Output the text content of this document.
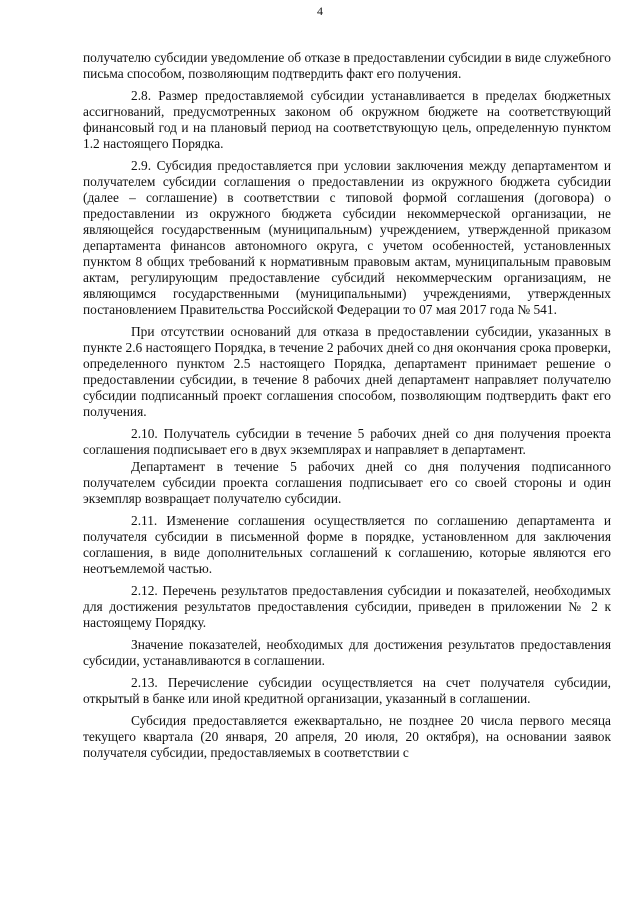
4

получателю субсидии уведомление об отказе в предоставлении субсидии в виде служебного письма способом, позволяющим подтвердить факт его получения.

2.8. Размер предоставляемой субсидии устанавливается в пределах бюджетных ассигнований, предусмотренных законом об окружном бюджете на соответствующий финансовый год и на плановый период на соответствующую цель, определенную пунктом 1.2 настоящего Порядка.

2.9. Субсидия предоставляется при условии заключения между департаментом и получателем субсидии соглашения о предоставлении из окружного бюджета субсидии (далее – соглашение) в соответствии с типовой формой соглашения (договора) о предоставлении из окружного бюджета субсидии некоммерческой организации, не являющейся государственным (муниципальным) учреждением, утвержденной приказом департамента финансов автономного округа, с учетом особенностей, установленных пунктом 8 общих требований к нормативным правовым актам, муниципальным правовым актам, регулирующим предоставление субсидий некоммерческим организациям, не являющимся государственными (муниципальными) учреждениями, утвержденных постановлением Правительства Российской Федерации то 07 мая 2017 года № 541.

При отсутствии оснований для отказа в предоставлении субсидии, указанных в пункте 2.6 настоящего Порядка, в течение 2 рабочих дней со дня окончания срока проверки, определенного пунктом 2.5 настоящего Порядка, департамент принимает решение о предоставлении субсидии, в течение 8 рабочих дней департамент направляет получателю субсидии подписанный проект соглашения способом, позволяющим подтвердить факт его получения.

2.10. Получатель субсидии в течение 5 рабочих дней со дня получения проекта соглашения подписывает его в двух экземплярах и направляет в департамент.

Департамент в течение 5 рабочих дней со дня получения подписанного получателем субсидии проекта соглашения подписывает его со своей стороны и один экземпляр возвращает получателю субсидии.

2.11. Изменение соглашения осуществляется по соглашению департамента и получателя субсидии в письменной форме в порядке, установленном для заключения соглашения, в виде дополнительных соглашений к соглашению, которые являются его неотъемлемой частью.

2.12. Перечень результатов предоставления субсидии и показателей, необходимых для достижения результатов предоставления субсидии, приведен в приложении № 2 к настоящему Порядку.

Значение показателей, необходимых для достижения результатов предоставления субсидии, устанавливаются в соглашении.

2.13. Перечисление субсидии осуществляется на счет получателя субсидии, открытый в банке или иной кредитной организации, указанный в соглашении.

Субсидия предоставляется ежеквартально, не позднее 20 числа первого месяца текущего квартала (20 января, 20 апреля, 20 июля, 20 октября), на основании заявок получателя субсидии, предоставляемых в соответствии с
